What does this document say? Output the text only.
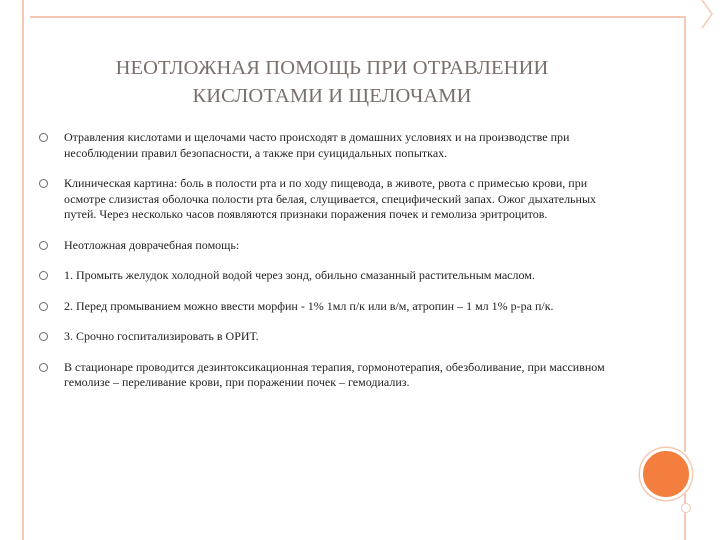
НЕОТЛОЖНАЯ ПОМОЩЬ ПРИ ОТРАВЛЕНИИ
КИСЛОТАМИ И ЩЕЛОЧАМИ
Отравления кислотами и щелочами часто происходят в домашних условиях и на производстве при несоблюдении правил безопасности, а также при суицидальных попытках.
Клиническая картина: боль в полости рта и по ходу пищевода, в животе, рвота с примесью крови, при осмотре слизистая оболочка полости рта белая, слущивается, специфический запах. Ожог дыхательных путей. Через несколько часов появляются признаки поражения почек и гемолиза эритроцитов.
Неотложная доврачебная помощь:
1. Промыть желудок холодной водой через зонд, обильно смазанный растительным маслом.
2. Перед промыванием можно ввести морфин - 1% 1мл п/к или в/м, атропин – 1 мл 1% р-ра п/к.
3. Срочно госпитализировать в ОРИТ.
В стационаре проводится дезинтоксикационная терапия, гормонотерапия, обезболивание, при массивном гемолизе – переливание крови, при поражении почек – гемодиализ.
